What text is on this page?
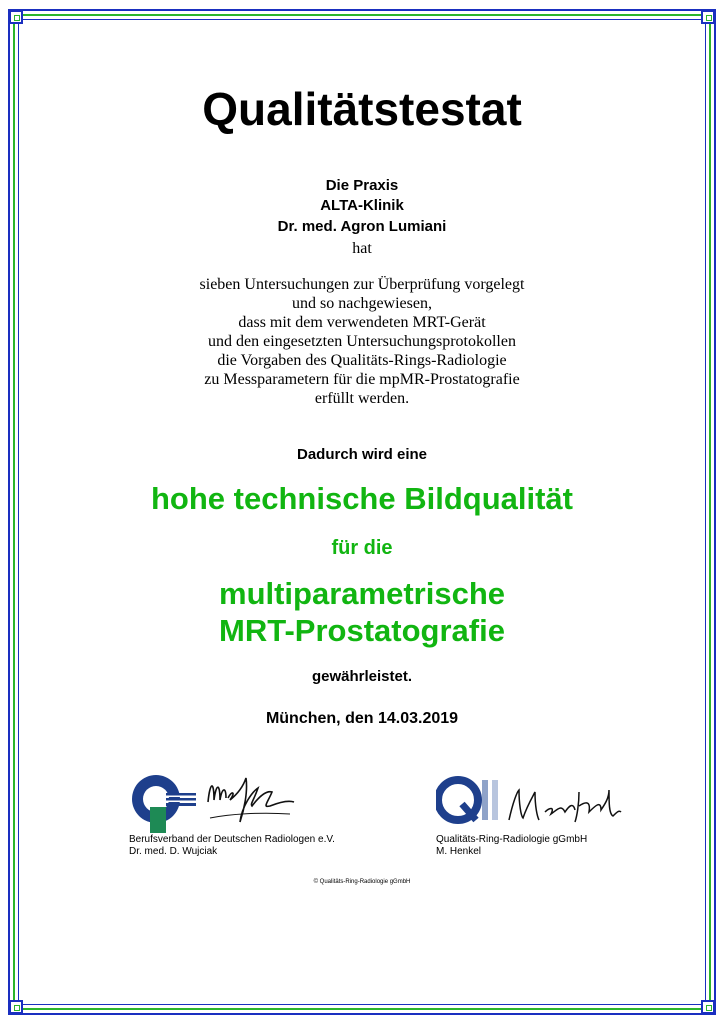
Qualitätstestat
Die Praxis
ALTA-Klinik
Dr. med. Agron Lumiani
hat
sieben Untersuchungen zur Überprüfung vorgelegt
und so nachgewiesen,
dass mit dem verwendeten MRT-Gerät
und den eingesetzten Untersuchungsprotokollen
die Vorgaben des Qualitäts-Rings-Radiologie
zu Messparametern für die mpMR-Prostatografie
erfüllt werden.
Dadurch wird eine
hohe technische Bildqualität
für die
multiparametrische
MRT-Prostatografie
gewährleistet.
München, den 14.03.2019
Berufsverband der Deutschen Radiologen e.V.
Dr. med. D. Wujciak
Qualitäts-Ring-Radiologie gGmbH
M. Henkel
© Qualitäts-Ring-Radiologie gGmbH
